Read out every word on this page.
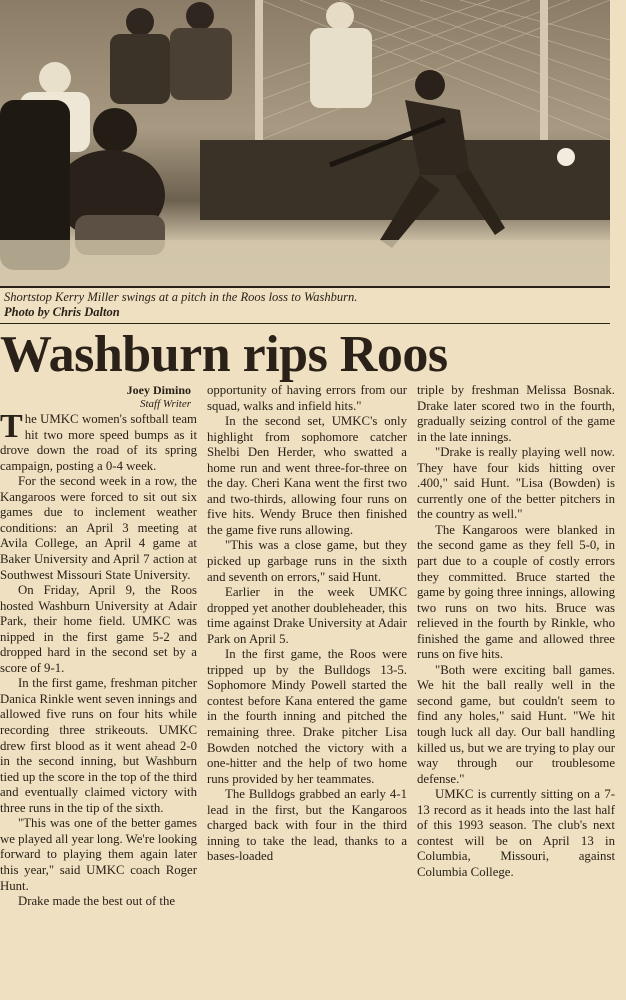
Shortstop Kerry Miller swings at a pitch in the Roos loss to Washburn.
Photo by Chris Dalton
Washburn rips Roos
Joey Dimino
Staff Writer

The UMKC women's softball team hit two more speed bumps as it drove down the road of its spring campaign, posting a 0-4 week.

For the second week in a row, the Kangaroos were forced to sit out six games due to inclement weather conditions: an April 3 meeting at Avila College, an April 4 game at Baker University and April 7 action at Southwest Missouri State University.

On Friday, April 9, the Roos hosted Washburn University at Adair Park, their home field. UMKC was nipped in the first game 5-2 and dropped hard in the second set by a score of 9-1.

In the first game, freshman pitcher Danica Rinkle went seven innings and allowed five runs on four hits while recording three strikeouts. UMKC drew first blood as it went ahead 2-0 in the second inning, but Washburn tied up the score in the top of the third and eventually claimed victory with three runs in the tip of the sixth.

"This was one of the better games we played all year long. We're looking forward to playing them again later this year," said UMKC coach Roger Hunt.

Drake made the best out of the

opportunity of having errors from our squad, walks and infield hits."

In the second set, UMKC's only highlight from sophomore catcher Shelbi Den Herder, who swatted a home run and went three-for-three on the day. Cheri Kana went the first two and two-thirds, allowing four runs on five hits. Wendy Bruce then finished the game five runs allowing.

"This was a close game, but they picked up garbage runs in the sixth and seventh on errors," said Hunt.

Earlier in the week UMKC dropped yet another doubleheader, this time against Drake University at Adair Park on April 5.

In the first game, the Roos were tripped up by the Bulldogs 13-5. Sophomore Mindy Powell started the contest before Kana entered the game in the fourth inning and pitched the remaining three. Drake pitcher Lisa Bowden notched the victory with a one-hitter and the help of two home runs provided by her teammates.

The Bulldogs grabbed an early 4-1 lead in the first, but the Kangaroos charged back with four in the third inning to take the lead, thanks to a bases-loaded

triple by freshman Melissa Bosnak. Drake later scored two in the fourth, gradually seizing control of the game in the late innings.

"Drake is really playing well now. They have four kids hitting over .400," said Hunt. "Lisa (Bowden) is currently one of the better pitchers in the country as well."

The Kangaroos were blanked in the second game as they fell 5-0, in part due to a couple of costly errors they committed. Bruce started the game by going three innings, allowing two runs on two hits. Bruce was relieved in the fourth by Rinkle, who finished the game and allowed three runs on five hits.

"Both were exciting ball games. We hit the ball really well in the second game, but couldn't seem to find any holes," said Hunt. "We hit tough luck all day. Our ball handling killed us, but we are trying to play our way through our troublesome defense."

UMKC is currently sitting on a 7-13 record as it heads into the last half of this 1993 season. The club's next contest will be on April 13 in Columbia, Missouri, against Columbia College.
